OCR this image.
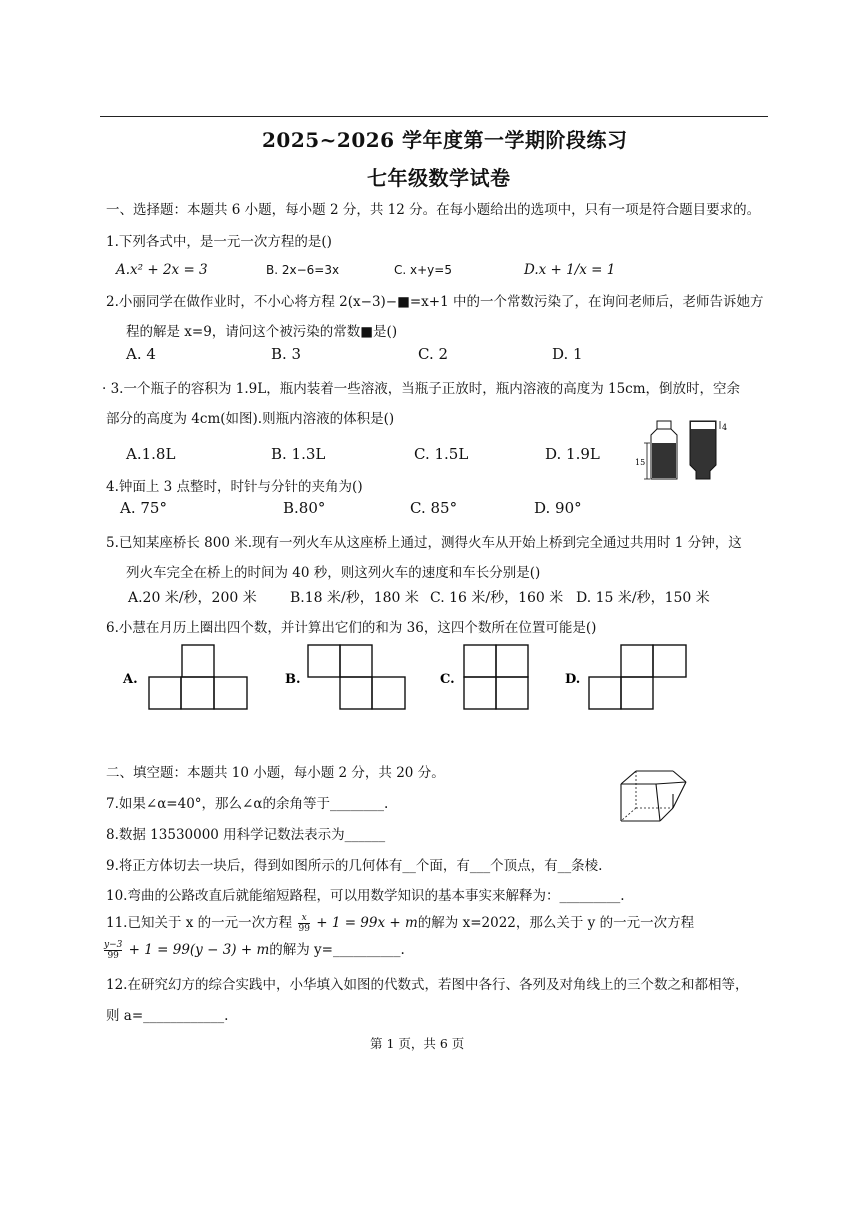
2025~2026 学年度第一学期阶段练习
七年级数学试卷
一、选择题：本题共 6 小题，每小题 2 分，共 12 分。在每小题给出的选项中，只有一项是符合题目要求的。
1.下列各式中，是一元一次方程的是()
A.x² + 2x = 3	B. 2x−6=3x	C. x+y=5	D.x + 1/x = 1
2.小丽同学在做作业时，不小心将方程 2(x−3)−■=x+1 中的一个常数污染了，在询问老师后，老师告诉她方
程的解是 x=9，请问这个被污染的常数■是()
A. 4	B. 3	C. 2	D. 1
· 3.一个瓶子的容积为 1.9L，瓶内装着一些溶液，当瓶子正放时，瓶内溶液的高度为 15cm，倒放时，空余
部分的高度为 4cm(如图).则瓶内溶液的体积是()
A.1.8L	B. 1.3L	C. 1.5L	D. 1.9L	15
4
4.钟面上 3 点整时，时针与分针的夹角为()
A. 75°	B.80°	C. 85°	D. 90°
5.已知某座桥长 800 米.现有一列火车从这座桥上通过，测得火车从开始上桥到完全通过共用时 1 分钟，这
列火车完全在桥上的时间为 40 秒，则这列火车的速度和车长分别是()
A.20 米/秒，200 米 B.18 米/秒，180 米 C. 16 米/秒，160 米 D. 15 米/秒，150 米
6.小慧在月历上圈出四个数，并计算出它们的和为 36，这四个数所在位置可能是()
A.	B.	C.	D.
二、填空题：本题共 10 小题，每小题 2 分，共 20 分。
7.如果∠α=40°，那么∠α的余角等于________.
8.数据 13530000 用科学记数法表示为______
9.将正方体切去一块后，得到如图所示的几何体有__个面，有___个顶点，有__条棱.
10.弯曲的公路改直后就能缩短路程，可以用数学知识的基本事实来解释为：_________.
11.已知关于 x 的一元一次方程 $\frac{x}{99} + 1 = 99x + m$的解为 x=2022，那么关于 y 的一元一次方程
$\frac{y-3}{99} + 1 = 99(y - 3) + m$的解为 y=__________.
12.在研究幻方的综合实践中，小华填入如图的代数式，若图中各行、各列及对角线上的三个数之和都相等，
则 a=____________.
第 1 页，共 6 页
